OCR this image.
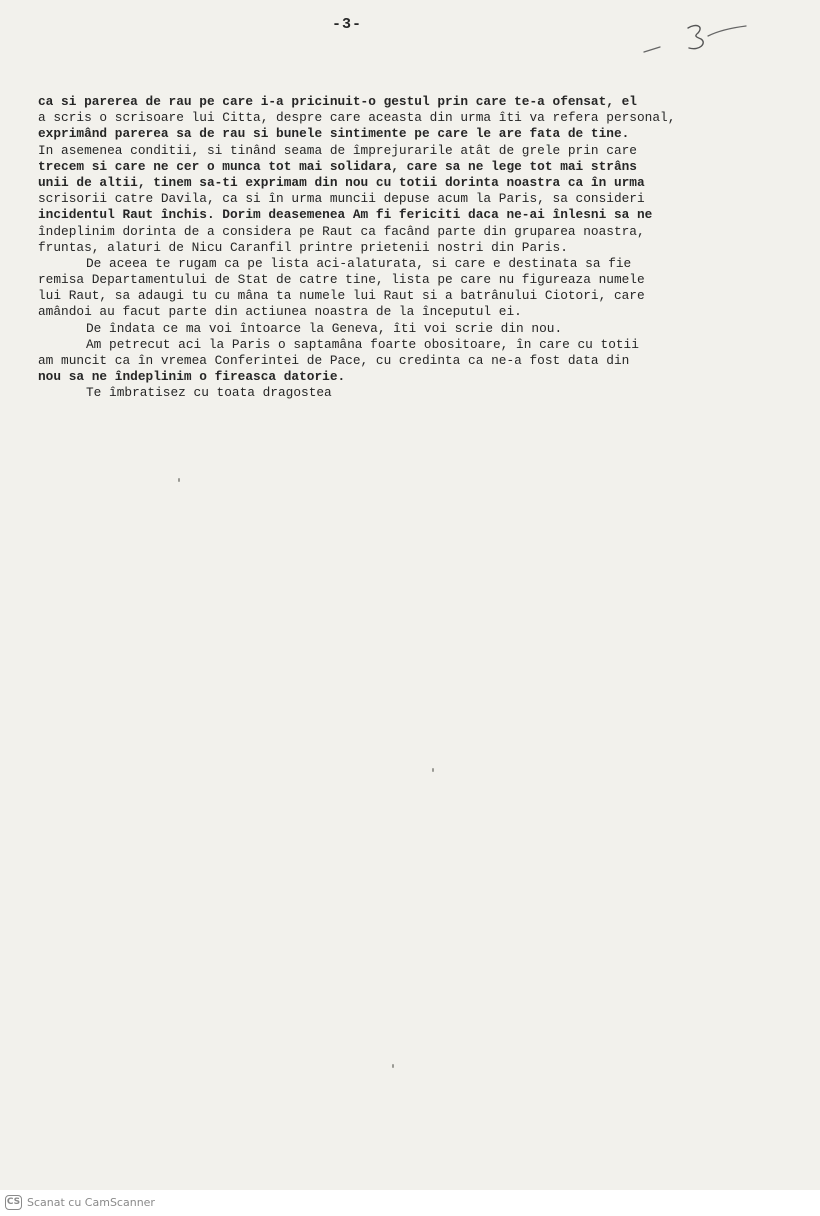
-3-
ca si parerea de rau pe care i-a pricinuit-o gestul prin care te-a ofensat, el
a scris o scrisoare lui Citta, despre care aceasta din urma îti va refera personal,
exprimând parerea sa de rau si bunele sintimente pe care le are fata de tine.
In asemenea conditii, si tinând seama de împrejurarile atât de grele prin care
trecem si care ne cer o munca tot mai solidara, care sa ne lege tot mai strâns
unii de altii, tinem sa-ti exprimam din nou cu totii dorinta noastra ca în urma
scrisorii catre Davila, ca si în urma muncii depuse acum la Paris, sa consideri
incidentul Raut închis. Dorim deasemenea Am fi fericiti daca ne-ai înlesni sa ne
îndeplinim dorinta de a considera pe Raut ca facând parte din gruparea noastra,
fruntas, alaturi de Nicu Caranfil printre prietenii nostri din Paris.
De aceea te rugam ca pe lista aci-alaturata, si care e destinata sa fie
remisa Departamentului de Stat de catre tine, lista pe care nu figureaza numele
lui Raut, sa adaugi tu cu mâna ta numele lui Raut si a batrânului Ciotori, care
amândoi au facut parte din actiunea noastra de la începutul ei.
De îndata ce ma voi întoarce la Geneva, îti voi scrie din nou.
Am petrecut aci la Paris o saptamâna foarte obositoare, în care cu totii
am muncit ca în vremea Conferintei de Pace, cu credinta ca ne-a fost data din
nou sa ne îndeplinim o fireasca datorie.
Te îmbratisez cu toata dragostea
CS Scanat cu CamScanner
